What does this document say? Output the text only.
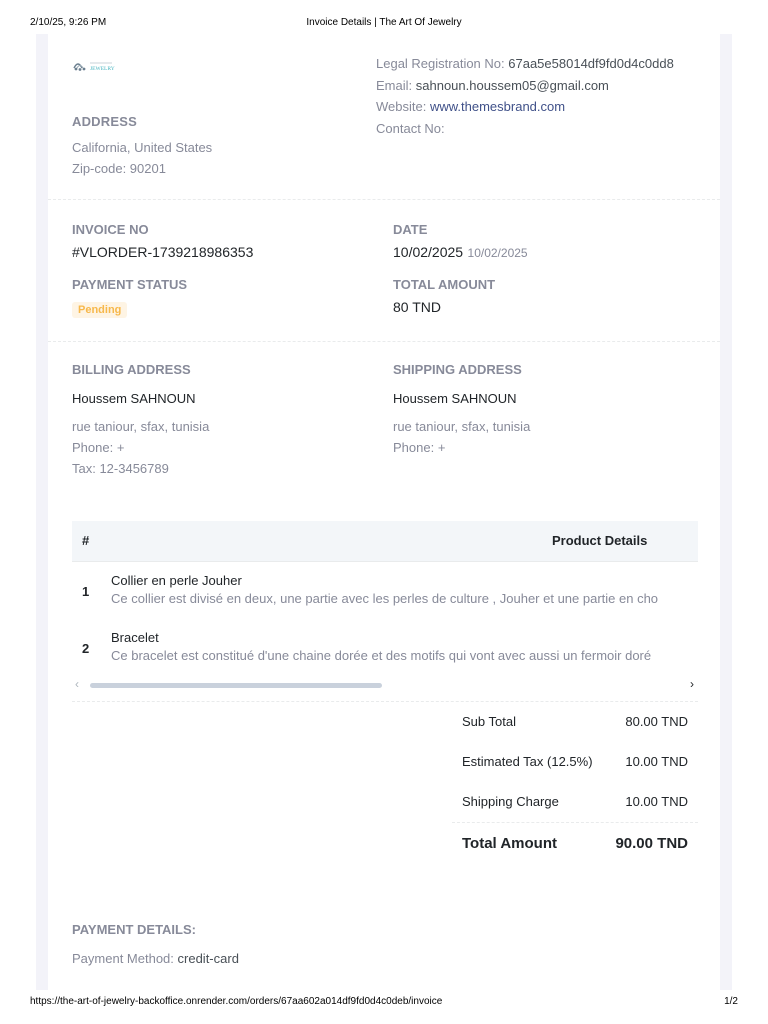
2/10/25, 9:26 PM	Invoice Details | The Art Of Jewelry
JEWELRY	Legal Registration No: 67aa5e58014df9fd0d4c0dd8
Email: sahnoun.houssem05@gmail.com
Website: www.themesbrand.com
Contact No:
ADDRESS
California, United States
Zip-code: 90201
INVOICE NO
#VLORDER-1739218986353
DATE
10/02/2025 10/02/2025
PAYMENT STATUS
Pending
TOTAL AMOUNT
80 TND
BILLING ADDRESS
Houssem SAHNOUN
rue taniour, sfax, tunisia
Phone: +
Tax: 12-3456789
SHIPPING ADDRESS
Houssem SAHNOUN
rue taniour, sfax, tunisia
Phone: +
#	Product Details
1
Collier en perle Jouher
Ce collier est divisé en deux, une partie avec les perles de culture , Jouher et une partie en cho
2
Bracelet
Ce bracelet est constitué d'une chaine dorée et des motifs qui vont avec aussi un fermoir doré
‹	›
Sub Total	80.00 TND
Estimated Tax (12.5%)	10.00 TND
Shipping Charge	10.00 TND
Total Amount	90.00 TND
PAYMENT DETAILS:
Payment Method: credit-card
https://the-art-of-jewelry-backoffice.onrender.com/orders/67aa602a014df9fd0d4c0deb/invoice	1/2
